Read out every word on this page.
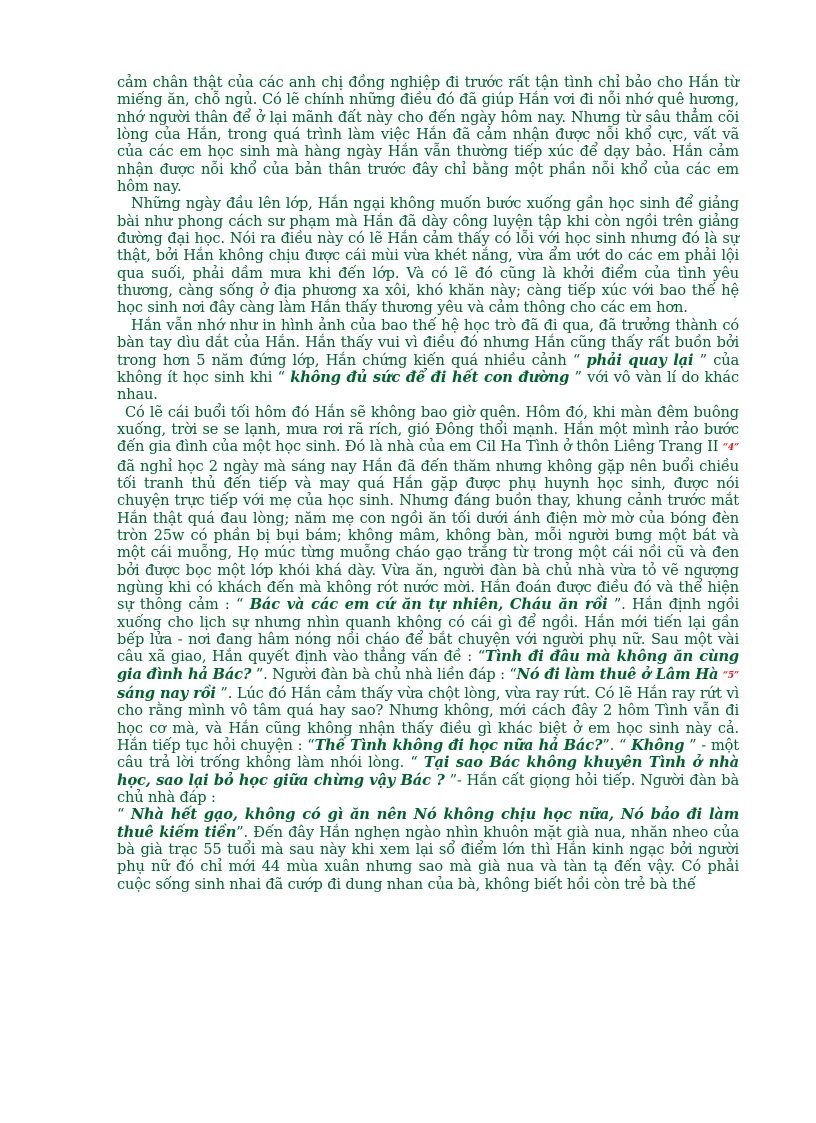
cảm chân thật của các anh chị đồng nghiệp đi trước rất tận tình chỉ bảo cho Hắn từ miếng ăn, chỗ ngủ. Có lẽ chính những điều đó đã giúp Hắn vơi đi nỗi nhớ quê hương, nhớ người thân để ở lại mãnh đất này cho đến ngày hôm nay. Nhưng từ sâu thẳm cõi lòng của Hắn, trong quá trình làm việc Hắn đã cảm nhận được nỗi khổ cực, vất vã của các em học sinh mà hàng ngày Hắn vẫn thường tiếp xúc để dạy bảo. Hắn cảm nhận được nỗi khổ của bản thân trước đây chỉ bằng một phần nỗi khổ của các em hôm nay.

Những ngày đầu lên lớp, Hắn ngại không muốn bước xuống gần học sinh để giảng bài như phong cách sư phạm mà Hắn đã dày công luyện tập khi còn ngồi trên giảng đường đại học. Nói ra điều này có lẽ Hắn cảm thấy có lỗi với học sinh nhưng đó là sự thật, bởi Hắn không chịu được cái mùi vừa khét nắng, vừa ẩm ướt do các em phải lội qua suối, phải dầm mưa khi đến lớp. Và có lẽ đó cũng là khởi điểm của tình yêu thương, càng sống ở địa phương xa xôi, khó khăn này; càng tiếp xúc với bao thế hệ học sinh nơi đây càng làm Hắn thấy thương yêu và cảm thông cho các em hơn.

Hắn vẫn nhớ như in hình ảnh của bao thế hệ học trò đã đi qua, đã trưởng thành có bàn tay dìu dắt của Hắn. Hắn thấy vui vì điều đó nhưng Hắn cũng thấy rất buồn bởi trong hơn 5 năm đứng lớp, Hắn chứng kiến quá nhiều cảnh “ phải quay lại ” của không ít học sinh khi “ không đủ sức để đi hết con đường ” với vô vàn lí do khác nhau.

Có lẽ cái buổi tối hôm đó Hắn sẽ không bao giờ quên. Hôm đó, khi màn đêm buông xuống, trời se se lạnh, mưa rơi rã rích, gió Đông thổi mạnh. Hắn một mình rảo bước đến gia đình của một học sinh. Đó là nhà của em Cil Ha Tình ở thôn Liêng Trang II “4” đã nghỉ học 2 ngày mà sáng nay Hắn đã đến thăm nhưng không gặp nên buổi chiều tối tranh thủ đến tiếp và may quá Hắn gặp được phụ huynh học sinh, được nói chuyện trực tiếp với mẹ của học sinh. Nhưng đáng buồn thay, khung cảnh trước mắt Hắn thật quá đau lòng; năm mẹ con ngồi ăn tối dưới ánh điện mờ mờ của bóng đèn tròn 25w có phần bị bụi bám; không mâm, không bàn, mỗi người bưng một bát và một cái muỗng, Họ múc từng muỗng cháo gạo trắng từ trong một cái nồi cũ và đen bởi được bọc một lớp khói khá dày. Vừa ăn, người đàn bà chủ nhà vừa tỏ vẽ ngượng ngùng khi có khách đến mà không rót nước mời. Hắn đoán được điều đó và thể hiện sự thông cảm : “ Bác và các em cứ ăn tự nhiên, Cháu ăn rồi ”. Hắn định ngồi xuống cho lịch sự nhưng nhìn quanh không có cái gì để ngồi. Hắn mới tiến lại gần bếp lửa - nơi đang hâm nóng nồi cháo để bắt chuyện với người phụ nữ. Sau một vài câu xã giao, Hắn quyết định vào thẳng vấn đề : “Tình đi đâu mà không ăn cùng gia đình hả Bác? ”. Người đàn bà chủ nhà liền đáp : “Nó đi làm thuê ở Lâm Hà “5” sáng nay rồi ”. Lúc đó Hắn cảm thấy vừa chột lòng, vừa ray rứt. Có lẽ Hắn ray rứt vì cho rằng mình vô tâm quá hay sao? Nhưng không, mới cách đây 2 hôm Tình vẫn đi học cơ mà, và Hắn cũng không nhận thấy điều gì khác biệt ở em học sinh này cả. Hắn tiếp tục hỏi chuyện : “Thế Tình không đi học nữa hả Bác?”. “ Không ” - một câu trả lời trống không làm nhói lòng. “ Tại sao Bác không khuyên Tình ở nhà học, sao lại bỏ học giữa chừng vậy Bác ? ”- Hắn cất giọng hỏi tiếp. Người đàn bà chủ nhà đáp :

“ Nhà hết gạo, không có gì ăn nên Nó không chịu học nữa, Nó bảo đi làm thuê kiếm tiền”. Đến đây Hắn nghẹn ngào nhìn khuôn mặt già nua, nhăn nheo của bà già trạc 55 tuổi mà sau này khi xem lại sổ điểm lớn thì Hắn kinh ngạc bởi người phụ nữ đó chỉ mới 44 mùa xuân nhưng sao mà già nua và tàn tạ đến vậy. Có phải cuộc sống sinh nhai đã cướp đi dung nhan của bà, không biết hồi còn trẻ bà thế
